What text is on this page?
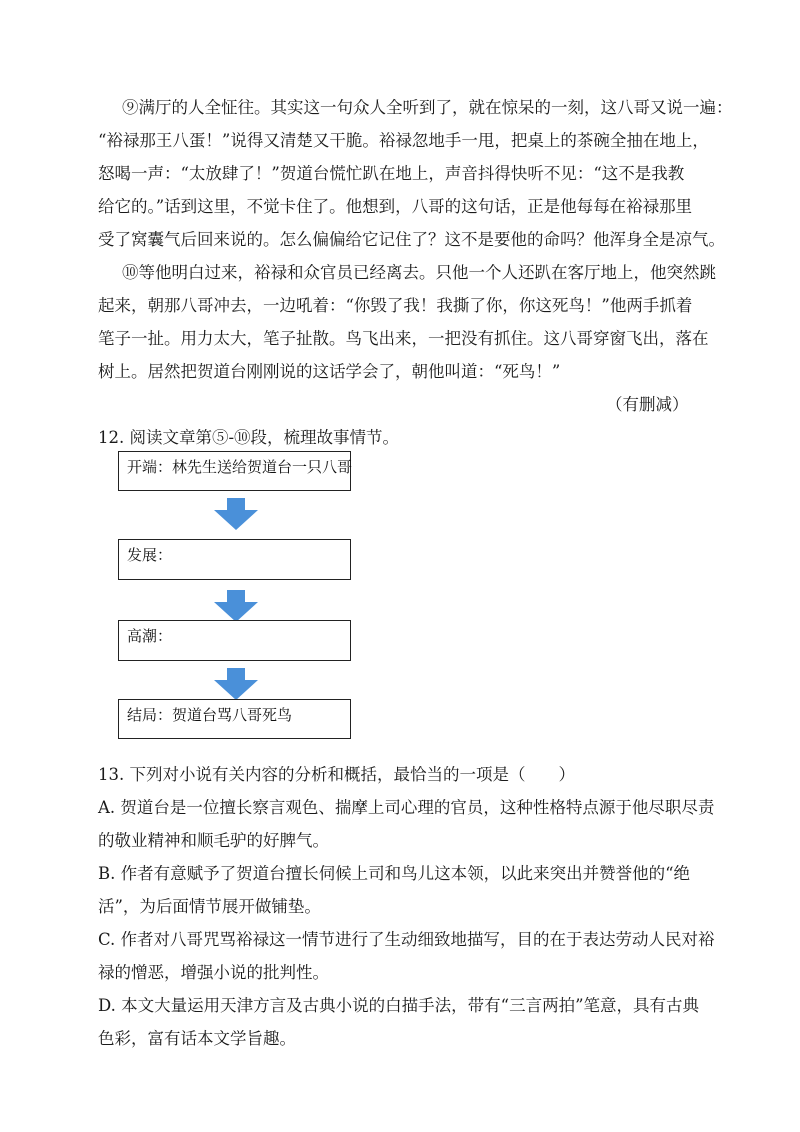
⑨满厅的人全怔往。其实这一句众人全听到了，就在惊呆的一刻，这八哥又说一遍：
“裕禄那王八蛋！”说得又清楚又干脆。裕禄忽地手一甩，把桌上的茶碗全抽在地上，
怒喝一声：“太放肆了！”贺道台慌忙趴在地上，声音抖得快听不见：“这不是我教
给它的。”话到这里，不觉卡住了。他想到，八哥的这句话，正是他每每在裕禄那里
受了窝囊气后回来说的。怎么偏偏给它记住了？这不是要他的命吗？他浑身全是凉气。
⑩等他明白过来，裕禄和众官员已经离去。只他一个人还趴在客厅地上，他突然跳
起来，朝那八哥冲去，一边吼着：“你毁了我！我撕了你，你这死鸟！”他两手抓着
笔子一扯。用力太大，笔子扯散。鸟飞出来，一把没有抓住。这八哥穿窗飞出，落在
树上。居然把贺道台刚刚说的这话学会了，朝他叫道：“死鸟！”
（有删减）
12. 阅读文章第⑤-⑩段，梳理故事情节。
开端：林先生送给贺道台一只八哥
发展：
高潮：
结局：贺道台骂八哥死鸟
13. 下列对小说有关内容的分析和概括，最恰当的一项是（　　）
A. 贺道台是一位擅长察言观色、揣摩上司心理的官员，这种性格特点源于他尽职尽责
的敬业精神和顺毛驴的好脾气。
B. 作者有意赋予了贺道台擅长伺候上司和鸟儿这本领，以此来突出并赞誉他的“绝
活”，为后面情节展开做铺垫。
C. 作者对八哥咒骂裕禄这一情节进行了生动细致地描写，目的在于表达劳动人民对裕
禄的憎恶，增强小说的批判性。
D. 本文大量运用天津方言及古典小说的白描手法，带有“三言两拍”笔意，具有古典
色彩，富有话本文学旨趣。
